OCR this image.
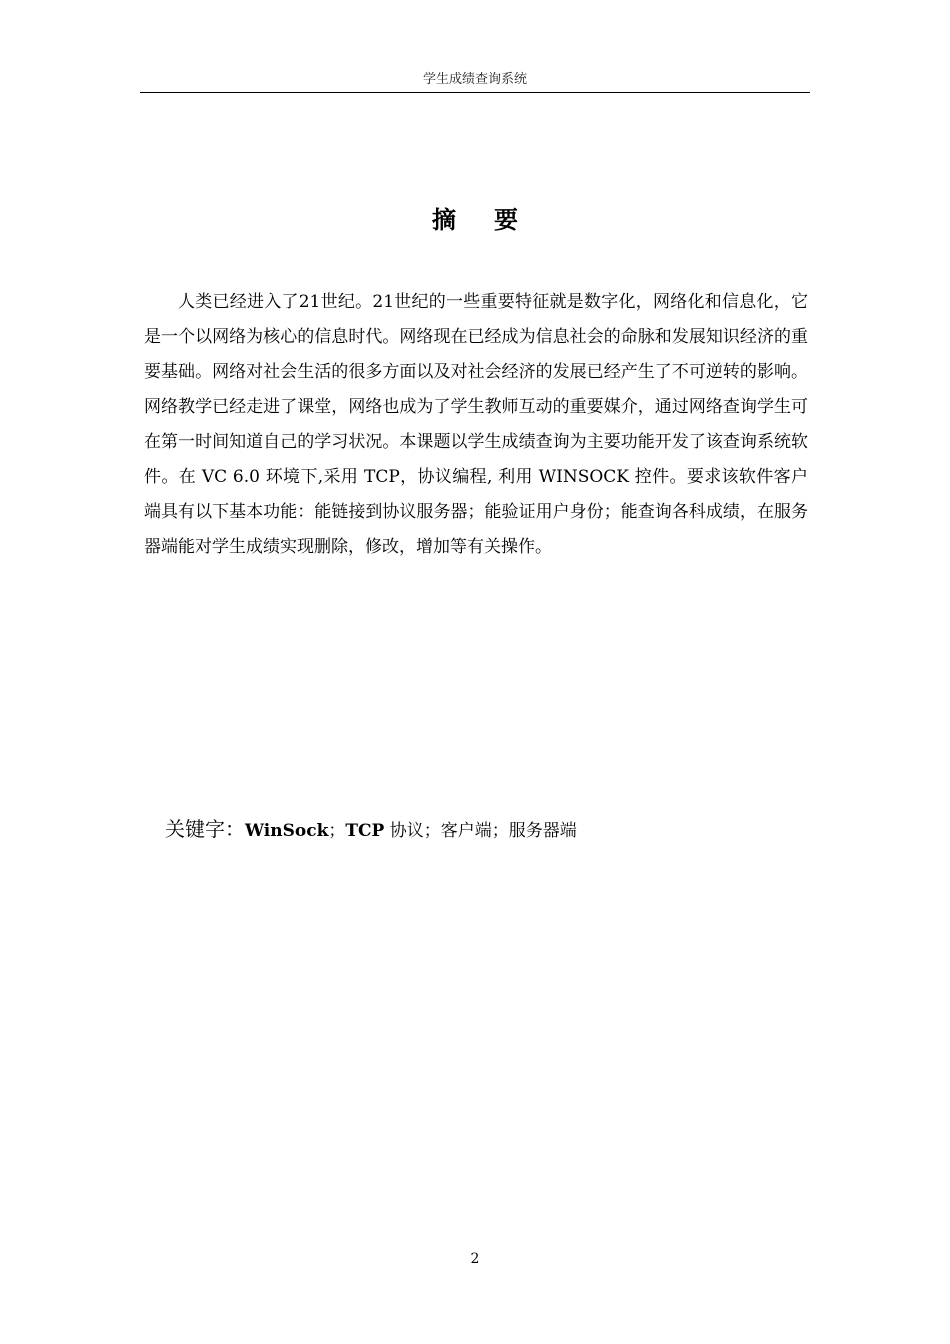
学生成绩查询系统
摘要

人类已经进入了21世纪。21世纪的一些重要特征就是数字化，网络化和信息化，它是一个以网络为核心的信息时代。网络现在已经成为信息社会的命脉和发展知识经济的重要基础。网络对社会生活的很多方面以及对社会经济的发展已经产生了不可逆转的影响。网络教学已经走进了课堂，网络也成为了学生教师互动的重要媒介，通过网络查询学生可在第一时间知道自己的学习状况。本课题以学生成绩查询为主要功能开发了该查询系统软件。在 VC 6.0 环境下,采用 TCP，协议编程, 利用 WINSOCK 控件。要求该软件客户端具有以下基本功能：能链接到协议服务器；能验证用户身份；能查询各科成绩，在服务器端能对学生成绩实现删除，修改，增加等有关操作。

关键字：WinSock；TCP 协议；客户端；服务器端
2
